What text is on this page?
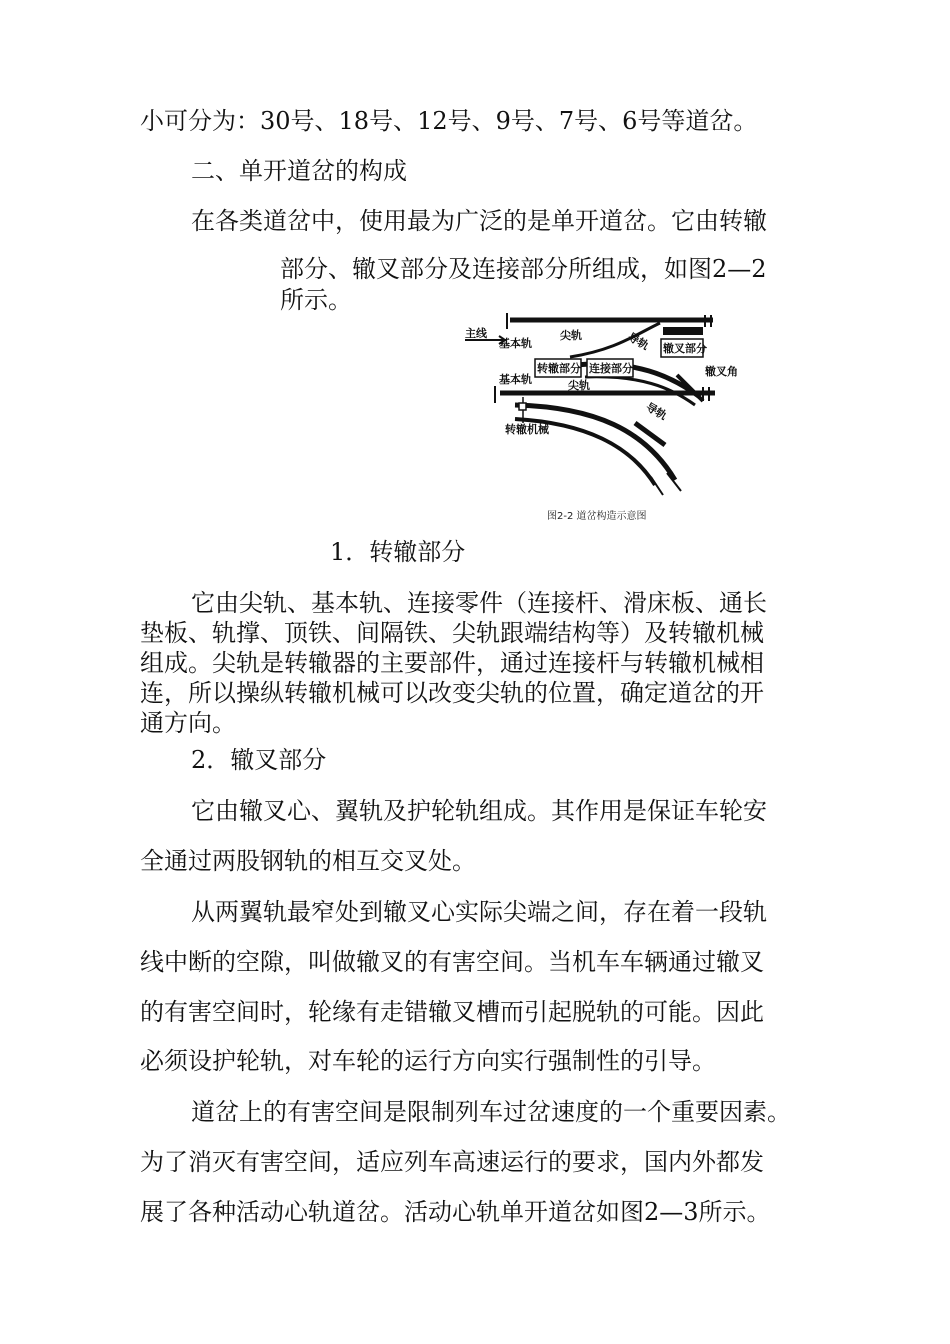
小可分为：30号、18号、12号、9号、7号、6号等道岔。
二、单开道岔的构成
在各类道岔中，使用最为广泛的是单开道岔。它由转辙
部分、辙叉部分及连接部分所组成，如图2—2
所示。
主线
基本轨
基本轨
尖轨
尖轨
导轨
导轨
转辙部分 连接部分
辙叉部分
辙叉角
转辙机械
图2-2 道岔构造示意图
1．转辙部分
它由尖轨、基本轨、连接零件（连接杆、滑床板、通长
垫板、轨撑、顶铁、间隔铁、尖轨跟端结构等）及转辙机械
组成。尖轨是转辙器的主要部件，通过连接杆与转辙机械相
连，所以操纵转辙机械可以改变尖轨的位置，确定道岔的开
通方向。
2．辙叉部分
它由辙叉心、翼轨及护轮轨组成。其作用是保证车轮安
全通过两股钢轨的相互交叉处。
从两翼轨最窄处到辙叉心实际尖端之间，存在着一段轨
线中断的空隙，叫做辙叉的有害空间。当机车车辆通过辙叉
的有害空间时，轮缘有走错辙叉槽而引起脱轨的可能。因此
必须设护轮轨，对车轮的运行方向实行强制性的引导。
道岔上的有害空间是限制列车过岔速度的一个重要因素。
为了消灭有害空间，适应列车高速运行的要求，国内外都发
展了各种活动心轨道岔。活动心轨单开道岔如图2—3所示。
